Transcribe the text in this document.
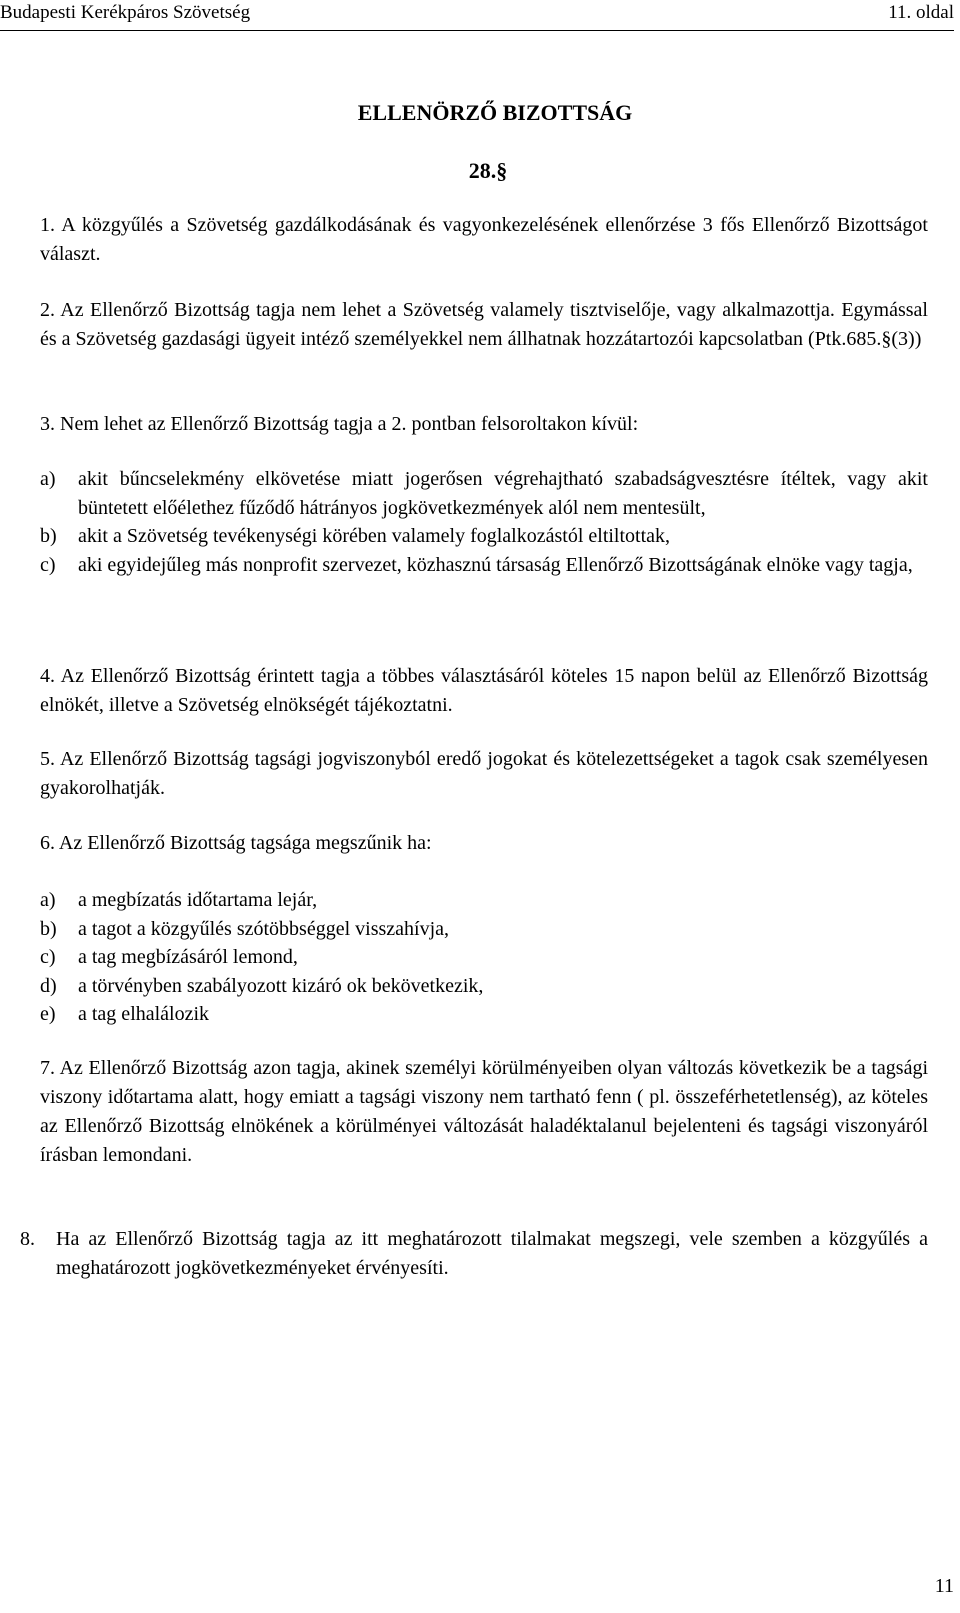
Budapesti Kerékpáros Szövetség	11. oldal
ELLENÖRZŐ BIZOTTSÁG
28.§
1. A közgyűlés a Szövetség gazdálkodásának és vagyonkezelésének ellenőrzése 3 fős Ellenőrző Bizottságot választ.
2. Az Ellenőrző Bizottság tagja nem lehet a Szövetség valamely tisztviselője, vagy alkalmazottja. Egymással és a Szövetség gazdasági ügyeit intéző személyekkel nem állhatnak hozzátartozói kapcsolatban (Ptk.685.§(3))
3. Nem lehet az Ellenőrző Bizottság tagja a 2. pontban felsoroltakon kívül:
a) akit bűncselekmény elkövetése miatt jogerősen végrehajtható szabadságvesztésre ítéltek, vagy akit büntetett előélethez fűződő hátrányos jogkövetkezmények alól nem mentesült,
b) akit a Szövetség tevékenységi körében valamely foglalkozástól eltiltottak,
c) aki egyidejűleg más nonprofit szervezet, közhasznú társaság Ellenőrző Bizottságának elnöke vagy tagja,
4. Az Ellenőrző Bizottság érintett tagja a többes választásáról köteles 15 napon belül az Ellenőrző Bizottság elnökét, illetve a Szövetség elnökségét tájékoztatni.
5. Az Ellenőrző Bizottság tagsági jogviszonyból eredő jogokat és kötelezettségeket a tagok csak személyesen gyakorolhatják.
6. Az Ellenőrző Bizottság tagsága megszűnik ha:
a) a megbízatás időtartama lejár,
b) a tagot a közgyűlés szótöbbséggel visszahívja,
c) a tag megbízásáról lemond,
d) a törvényben szabályozott kizáró ok bekövetkezik,
e) a tag elhalálozik
7. Az Ellenőrző Bizottság azon tagja, akinek személyi körülményeiben olyan változás következik be a tagsági viszony időtartama alatt, hogy emiatt a tagsági viszony nem tartható fenn ( pl. összeférhetetlenség), az köteles az Ellenőrző Bizottság elnökének a körülményei változását haladéktalanul bejelenteni és tagsági viszonyáról írásban lemondani.
8. Ha az Ellenőrző Bizottság tagja az itt meghatározott tilalmakat megszegi, vele szemben a közgyűlés a meghatározott jogkövetkezményeket érvényesíti.
11
